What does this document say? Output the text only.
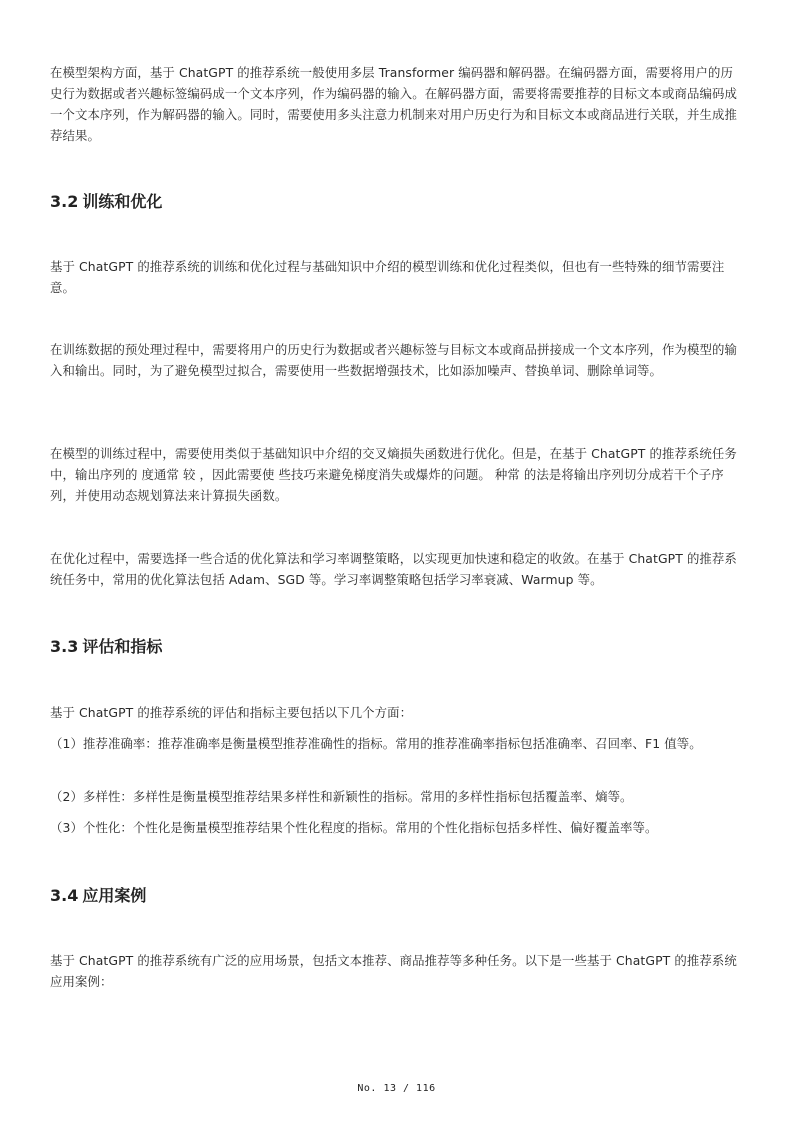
在模型架构方面，基于 ChatGPT 的推荐系统一般使用多层 Transformer 编码器和解码器。在编码器方面，需要将用户的历史行为数据或者兴趣标签编码成一个文本序列，作为编码器的输入。在解码器方面，需要将需要推荐的目标文本或商品编码成一个文本序列，作为解码器的输入。同时，需要使用多头注意力机制来对用户历史行为和目标文本或商品进行关联，并生成推荐结果。

3.2 训练和优化

基于 ChatGPT 的推荐系统的训练和优化过程与基础知识中介绍的模型训练和优化过程类似，但也有一些特殊的细节需要注意。

在训练数据的预处理过程中，需要将用户的历史行为数据或者兴趣标签与目标文本或商品拼接成一个文本序列，作为模型的输入和输出。同时，为了避免模型过拟合，需要使用一些数据增强技术，比如添加噪声、替换单词、删除单词等。

在模型的训练过程中，需要使用类似于基础知识中介绍的交叉熵损失函数进行优化。但是，在基于 ChatGPT 的推荐系统任务中，输出序列的 度通常 较 ，因此需要使 些技巧来避免梯度消失或爆炸的问题。 种常 的法是将输出序列切分成若干个子序列，并使用动态规划算法来计算损失函数。

在优化过程中，需要选择一些合适的优化算法和学习率调整策略，以实现更加快速和稳定的收敛。在基于 ChatGPT 的推荐系统任务中，常用的优化算法包括 Adam、SGD 等。学习率调整策略包括学习率衰减、Warmup 等。

3.3 评估和指标

基于 ChatGPT 的推荐系统的评估和指标主要包括以下几个方面：

（1）推荐准确率：推荐准确率是衡量模型推荐准确性的指标。常用的推荐准确率指标包括准确率、召回率、F1 值等。

（2）多样性：多样性是衡量模型推荐结果多样性和新颖性的指标。常用的多样性指标包括覆盖率、熵等。

（3）个性化：个性化是衡量模型推荐结果个性化程度的指标。常用的个性化指标包括多样性、偏好覆盖率等。

3.4 应用案例

基于 ChatGPT 的推荐系统有广泛的应用场景，包括文本推荐、商品推荐等多种任务。以下是一些基于 ChatGPT 的推荐系统应用案例：

No. 13 / 116
